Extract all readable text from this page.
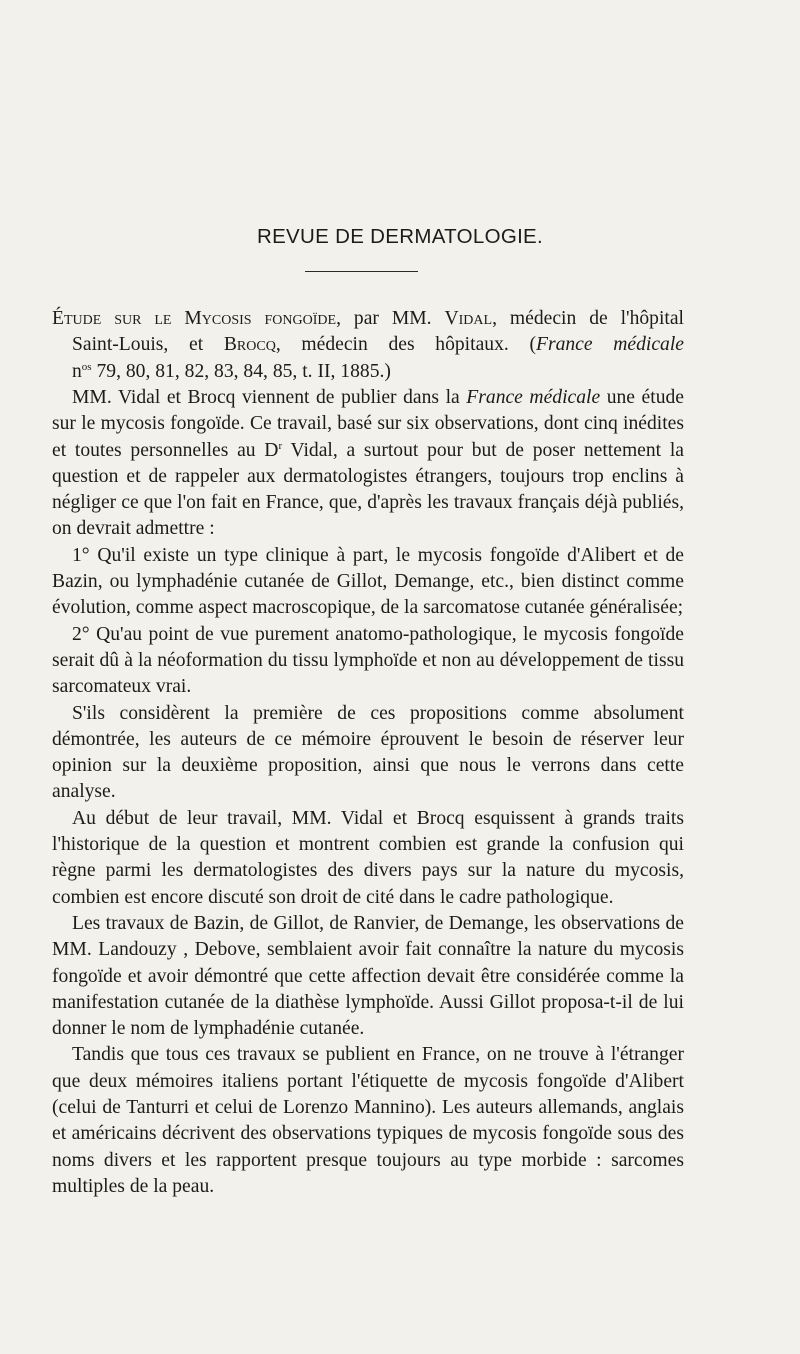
REVUE DE DERMATOLOGIE.
Étude sur le Mycosis fongoïde, par MM. Vidal, médecin de l'hôpital
Saint-Louis, et Brocq, médecin des hôpitaux. (France médicale
$n^{os}$ 79, 80, 81, 82, 83, 84, 85, t. II, 1885.)

MM. Vidal et Brocq viennent de publier dans la France médicale une étude sur le mycosis fongoïde. Ce travail, basé sur six observations, dont cinq inédites et toutes personnelles au $D^r$ Vidal, a surtout pour but de poser nettement la question et de rappeler aux dermatologistes étrangers, toujours trop enclins à négliger ce que l'on fait en France, que, d'après les travaux français déjà publiés, on devrait admettre :

1° Qu'il existe un type clinique à part, le mycosis fongoïde d'Alibert et de Bazin, ou lymphadénie cutanée de Gillot, Demange, etc., bien distinct comme évolution, comme aspect macroscopique, de la sarcomatose cutanée généralisée;

2° Qu'au point de vue purement anatomo-pathologique, le mycosis fongoïde serait dû à la néoformation du tissu lymphoïde et non au développement de tissu sarcomateux vrai.

S'ils considèrent la première de ces propositions comme absolument démontrée, les auteurs de ce mémoire éprouvent le besoin de réserver leur opinion sur la deuxième proposition, ainsi que nous le verrons dans cette analyse.

Au début de leur travail, MM. Vidal et Brocq esquissent à grands traits l'historique de la question et montrent combien est grande la confusion qui règne parmi les dermatologistes des divers pays sur la nature du mycosis, combien est encore discuté son droit de cité dans le cadre pathologique.

Les travaux de Bazin, de Gillot, de Ranvier, de Demange, les observations de MM. Landouzy , Debove, semblaient avoir fait connaître la nature du mycosis fongoïde et avoir démontré que cette affection devait être considérée comme la manifestation cutanée de la diathèse lymphoïde. Aussi Gillot proposa-t-il de lui donner le nom de lymphadénie cutanée.

Tandis que tous ces travaux se publient en France, on ne trouve à l'étranger que deux mémoires italiens portant l'étiquette de mycosis fongoïde d'Alibert (celui de Tanturri et celui de Lorenzo Mannino). Les auteurs allemands, anglais et américains décrivent des observations typiques de mycosis fongoïde sous des noms divers et les rapportent presque toujours au type morbide : sarcomes multiples de la peau.
